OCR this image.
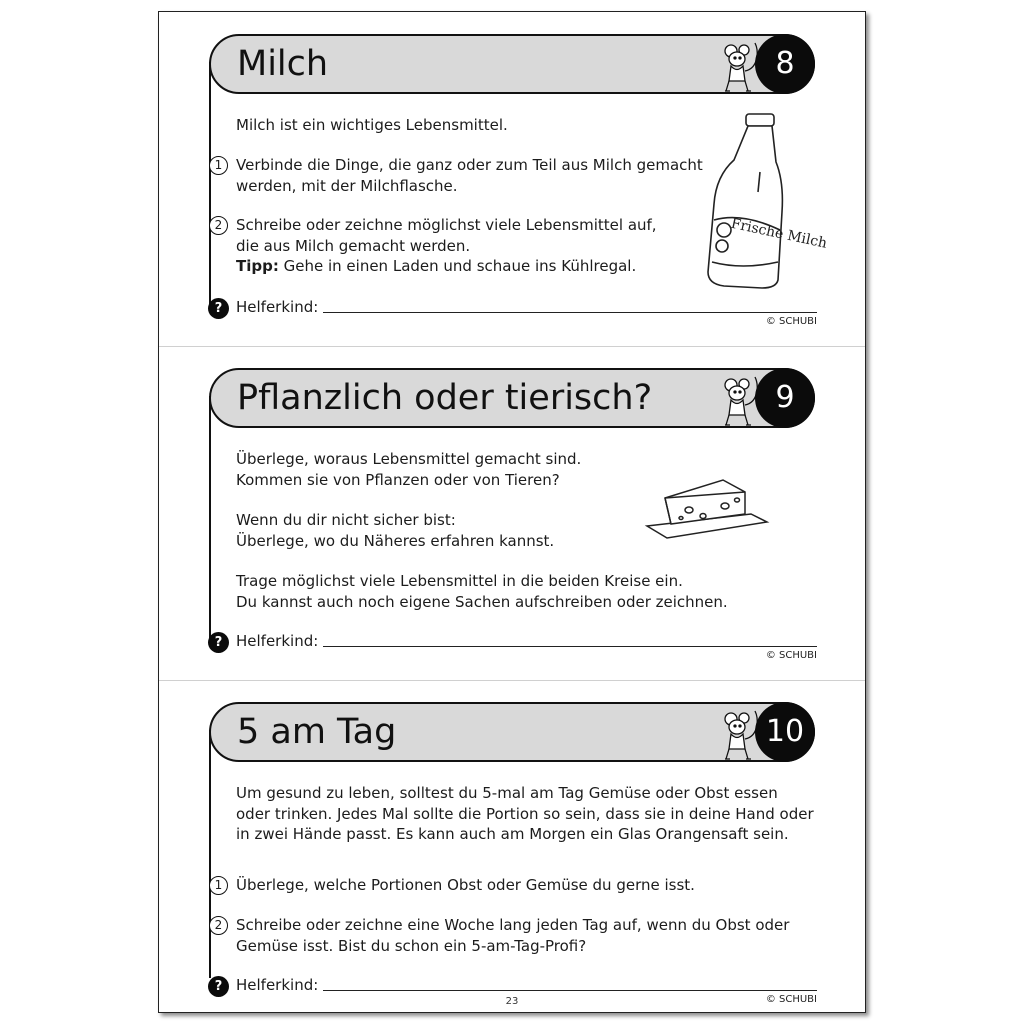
Milch	8
Milch ist ein wichtiges Lebensmittel.
1 Verbinde die Dinge, die ganz oder zum Teil aus Milch gemacht
werden, mit der Milchflasche.
2 Schreibe oder zeichne möglichst viele Lebensmittel auf,
die aus Milch gemacht werden.
Tipp: Gehe in einen Laden und schaue ins Kühlregal.
Frische Milch
? Helferkind:
© SCHUBI
Pflanzlich oder tierisch?	9
Überlege, woraus Lebensmittel gemacht sind.
Kommen sie von Pflanzen oder von Tieren?
Wenn du dir nicht sicher bist:
Überlege, wo du Näheres erfahren kannst.
Trage möglichst viele Lebensmittel in die beiden Kreise ein.
Du kannst auch noch eigene Sachen aufschreiben oder zeichnen.
? Helferkind:
© SCHUBI
5 am Tag	10
Um gesund zu leben, solltest du 5-mal am Tag Gemüse oder Obst essen
oder trinken. Jedes Mal sollte die Portion so sein, dass sie in deine Hand oder
in zwei Hände passt. Es kann auch am Morgen ein Glas Orangensaft sein.
1 Überlege, welche Portionen Obst oder Gemüse du gerne isst.
2 Schreibe oder zeichne eine Woche lang jeden Tag auf, wenn du Obst oder
Gemüse isst. Bist du schon ein 5-am-Tag-Profi?
? Helferkind:
© SCHUBI
23
